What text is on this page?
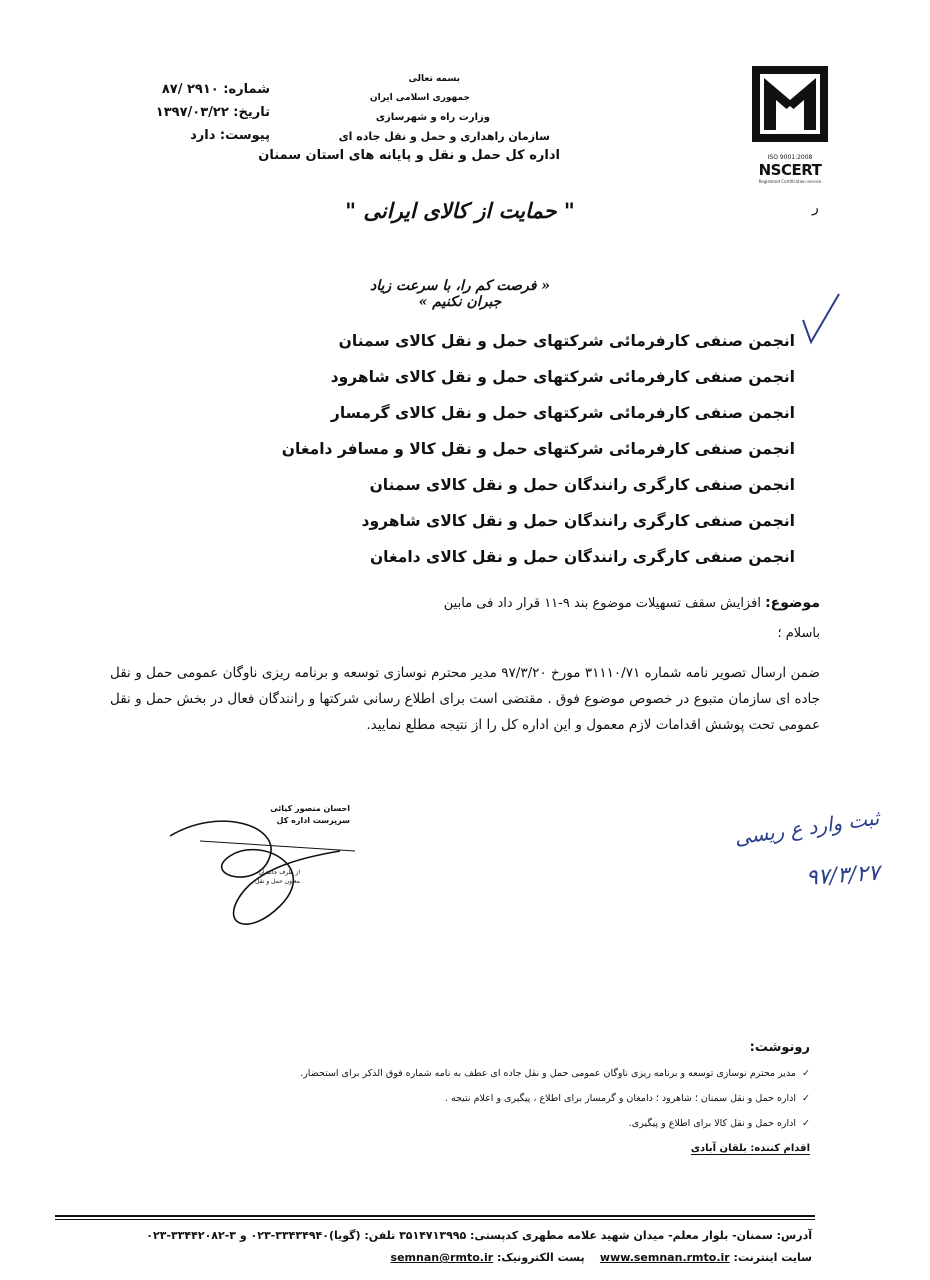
ISO 9001:2008
NSCERT
Registered Certification service
بسمه تعالی
جمهوری اسلامی ایران
وزارت راه و شهرسازی
سازمان راهداری و حمل و نقل جاده ای
اداره کل حمل و نقل و پایانه های استان سمنان
شماره: ۲۹۱۰ /۸۷
تاریخ: ۱۳۹۷/۰۳/۲۲
پیوست: دارد
ﺭ
" حمایت از کالای ایرانی "
« فرصت کم را، با سرعت زیاد جبران نکنیم »
انجمن صنفی کارفرمائی شرکتهای حمل و نقل کالای سمنان
انجمن صنفی کارفرمائی شرکتهای حمل و نقل کالای شاهرود
انجمن صنفی کارفرمائی شرکتهای حمل و نقل کالای گرمسار
انجمن صنفی کارفرمائی شرکتهای حمل و نقل کالا و مسافر دامغان
انجمن صنفی کارگری رانندگان حمل و نقل کالای سمنان
انجمن صنفی کارگری رانندگان حمل و نقل کالای شاهرود
انجمن صنفی کارگری رانندگان حمل و نقل کالای دامغان
موضوع: افزایش سقف تسهیلات موضوع بند ۹-۱۱ قرار داد فی مابین
باسلام ؛
ضمن ارسال تصویر نامه شماره ۳۱۱۱۰/۷۱ مورخ ۹۷/۳/۲۰ مدیر محترم نوسازی توسعه و برنامه ریزی ناوگان عمومی حمل و نقل جاده ای سازمان متبوع در خصوص موضوع فوق . مقتضی است برای اطلاع رسانی شرکتها و رانندگان فعال در بخش حمل و نقل عمومی تحت پوشش اقدامات لازم معمول و این اداره کل را از نتیجه مطلع نمایید.
احسان منصور کیائی
سرپرست اداره کل
از طرف جانشان
معاون حمل و نقل
ثبت وارد ع ریسی
۹۷/۳/۲۷
رونوشت:
✓مدیر محترم نوسازی توسعه و برنامه ریزی ناوگان عمومی حمل و نقل جاده ای عطف به نامه شماره فوق الذکر برای استحضار.
✓اداره حمل و نقل سمنان ؛ شاهرود ؛ دامغان و گرمسار برای اطلاع ، پیگیری و اعلام نتیجه .
✓اداره حمل و نقل کالا برای اطلاع و پیگیری.
اقدام کننده: بلقان آبادی
آدرس: سمنان- بلوار معلم- میدان شهید علامه مطهری کدپستی: ۳۵۱۴۷۱۳۹۹۵ تلفن: (گویا)۳۳۴۳۴۹۴۰-۰۲۳ و ۳-۳۳۴۴۲۰۸۲-۰۲۳
سایت اینترنت: www.semnan.rmto.ir    پست الکترونیک: semnan@rmto.ir
